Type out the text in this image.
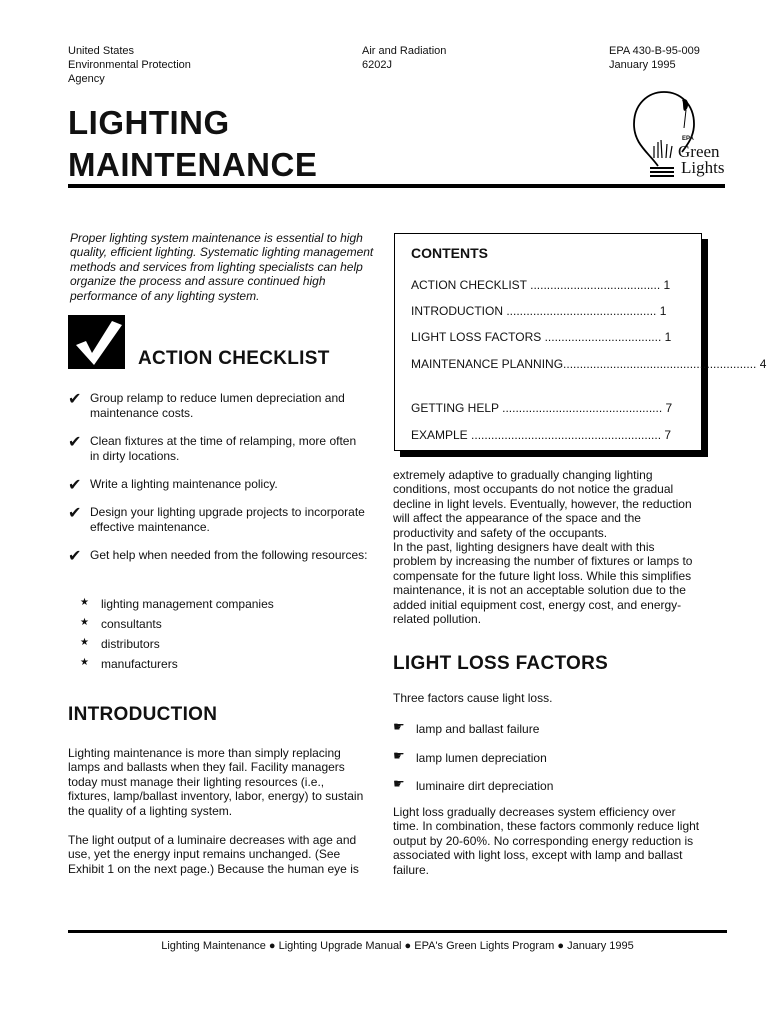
United States
Environmental Protection
Agency
Air and Radiation
6202J
EPA 430-B-95-009
January 1995
LIGHTING
MAINTENANCE
EPA
Green
Lights
Proper lighting system maintenance is essential to high quality, efficient lighting. Systematic lighting management methods and services from lighting specialists can help organize the process and assure continued high performance of any lighting system.
ACTION CHECKLIST
✔ Group relamp to reduce lumen depreciation and maintenance costs.
✔ Clean fixtures at the time of relamping, more often in dirty locations.
✔ Write a lighting maintenance policy.
✔ Design your lighting upgrade projects to incorporate effective maintenance.
✔ Get help when needed from the following resources:
★ lighting management companies
★ consultants
★ distributors
★ manufacturers
INTRODUCTION
Lighting maintenance is more than simply replacing lamps and ballasts when they fail. Facility managers today must manage their lighting resources (i.e., fixtures, lamp/ballast inventory, labor, energy) to sustain the quality of a lighting system.
The light output of a luminaire decreases with age and use, yet the energy input remains unchanged. (See Exhibit 1 on the next page.) Because the human eye is
CONTENTS
ACTION CHECKLIST ....................................... 1
INTRODUCTION ............................................. 1
LIGHT LOSS FACTORS ................................... 1
MAINTENANCE PLANNING.......................................................... 4
GETTING HELP ................................................ 7
EXAMPLE ......................................................... 7
extremely adaptive to gradually changing lighting conditions, most occupants do not notice the gradual decline in light levels. Eventually, however, the reduction will affect the appearance of the space and the productivity and safety of the occupants.
In the past, lighting designers have dealt with this problem by increasing the number of fixtures or lamps to compensate for the future light loss. While this simplifies maintenance, it is not an acceptable solution due to the added initial equipment cost, energy cost, and energy-related pollution.
LIGHT LOSS FACTORS
Three factors cause light loss.
☛ lamp and ballast failure
☛ lamp lumen depreciation
☛ luminaire dirt depreciation
Light loss gradually decreases system efficiency over time. In combination, these factors commonly reduce light output by 20-60%. No corresponding energy reduction is associated with light loss, except with lamp and ballast failure.
Lighting Maintenance ● Lighting Upgrade Manual ● EPA's Green Lights Program ● January 1995
